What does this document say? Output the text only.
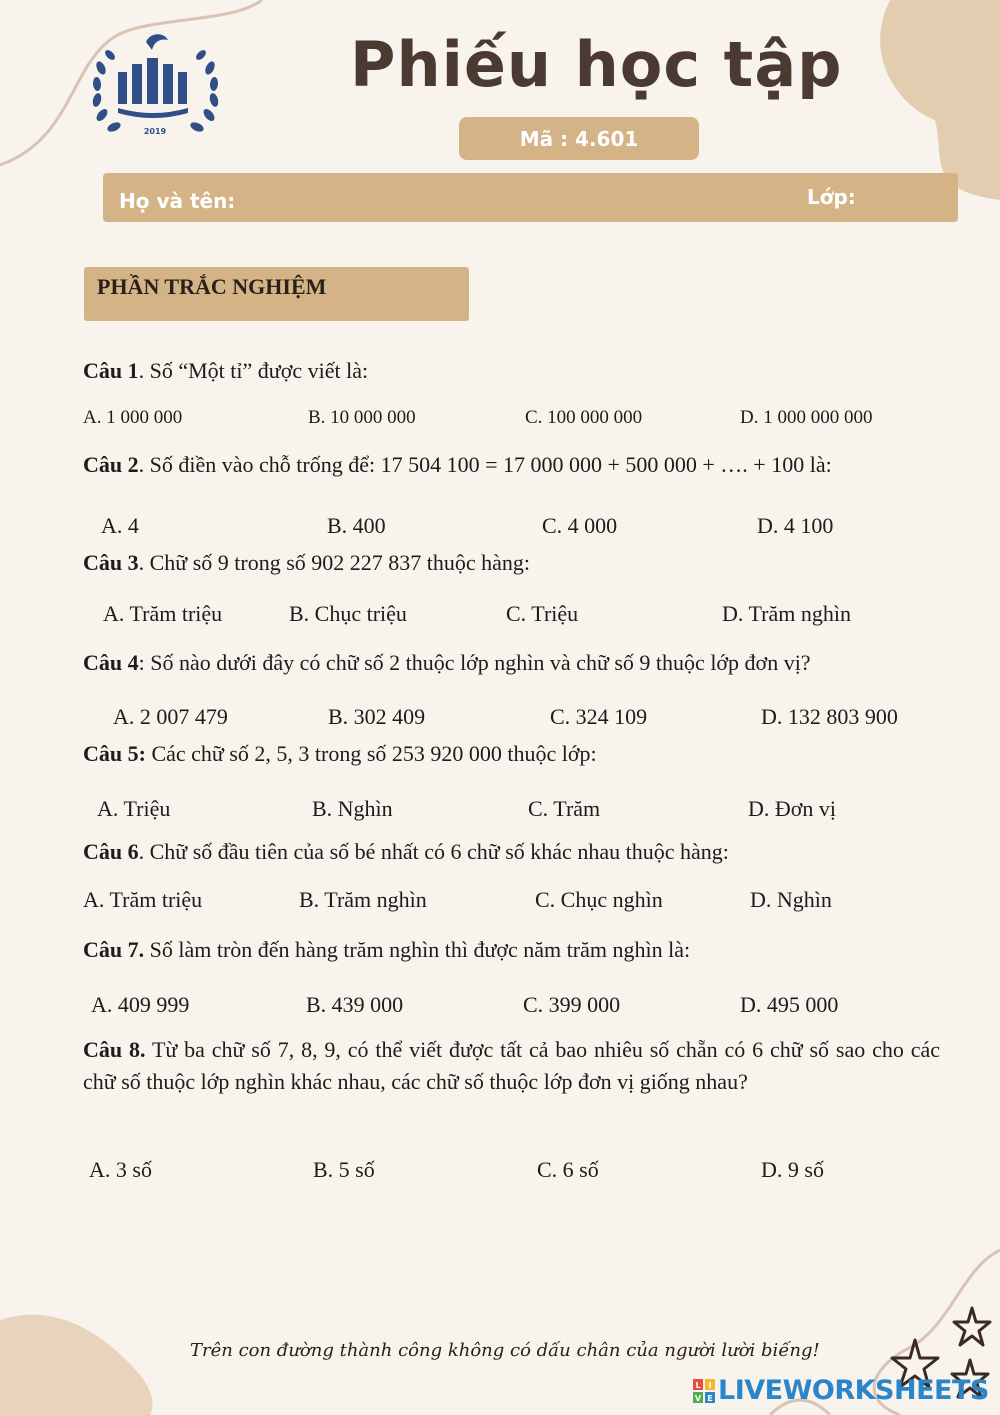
2019
Phiếu học tập
Mã : 4.601
Họ và tên:	Lớp:
PHẦN TRẮC NGHIỆM
Câu 1. Số “Một tỉ” được viết là:
A. 1 000 000	B. 10 000 000	C. 100 000 000	D. 1 000 000 000
Câu 2. Số điền vào chỗ trống để: 17 504 100 = 17 000 000 + 500 000 + …. + 100 là:
A. 4	B. 400	C. 4 000	D. 4 100
Câu 3. Chữ số 9 trong số 902 227 837 thuộc hàng:
A. Trăm triệu	B. Chục triệu	C. Triệu	D. Trăm nghìn
Câu 4: Số nào dưới đây có chữ số 2 thuộc lớp nghìn và chữ số 9 thuộc lớp đơn vị?
A. 2 007 479	B. 302 409	C. 324 109	D. 132 803 900
Câu 5: Các chữ số 2, 5, 3 trong số 253 920 000 thuộc lớp:
A. Triệu	B. Nghìn	C. Trăm	D. Đơn vị
Câu 6. Chữ số đầu tiên của số bé nhất có 6 chữ số khác nhau thuộc hàng:
A. Trăm triệu	B. Trăm nghìn	C. Chục nghìn	D. Nghìn
Câu 7. Số làm tròn đến hàng trăm nghìn thì được năm trăm nghìn là:
A. 409 999	B. 439 000	C. 399 000	D. 495 000
Câu 8. Từ ba chữ số 7, 8, 9, có thể viết được tất cả bao nhiêu số chẵn có 6 chữ số sao cho các chữ số thuộc lớp nghìn khác nhau, các chữ số thuộc lớp đơn vị giống nhau?
A. 3 số	B. 5 số	C. 6 số	D. 9 số
Trên con đường thành công không có dấu chân của người lười biếng!
L I
V E LIVEWORKSHEETS
